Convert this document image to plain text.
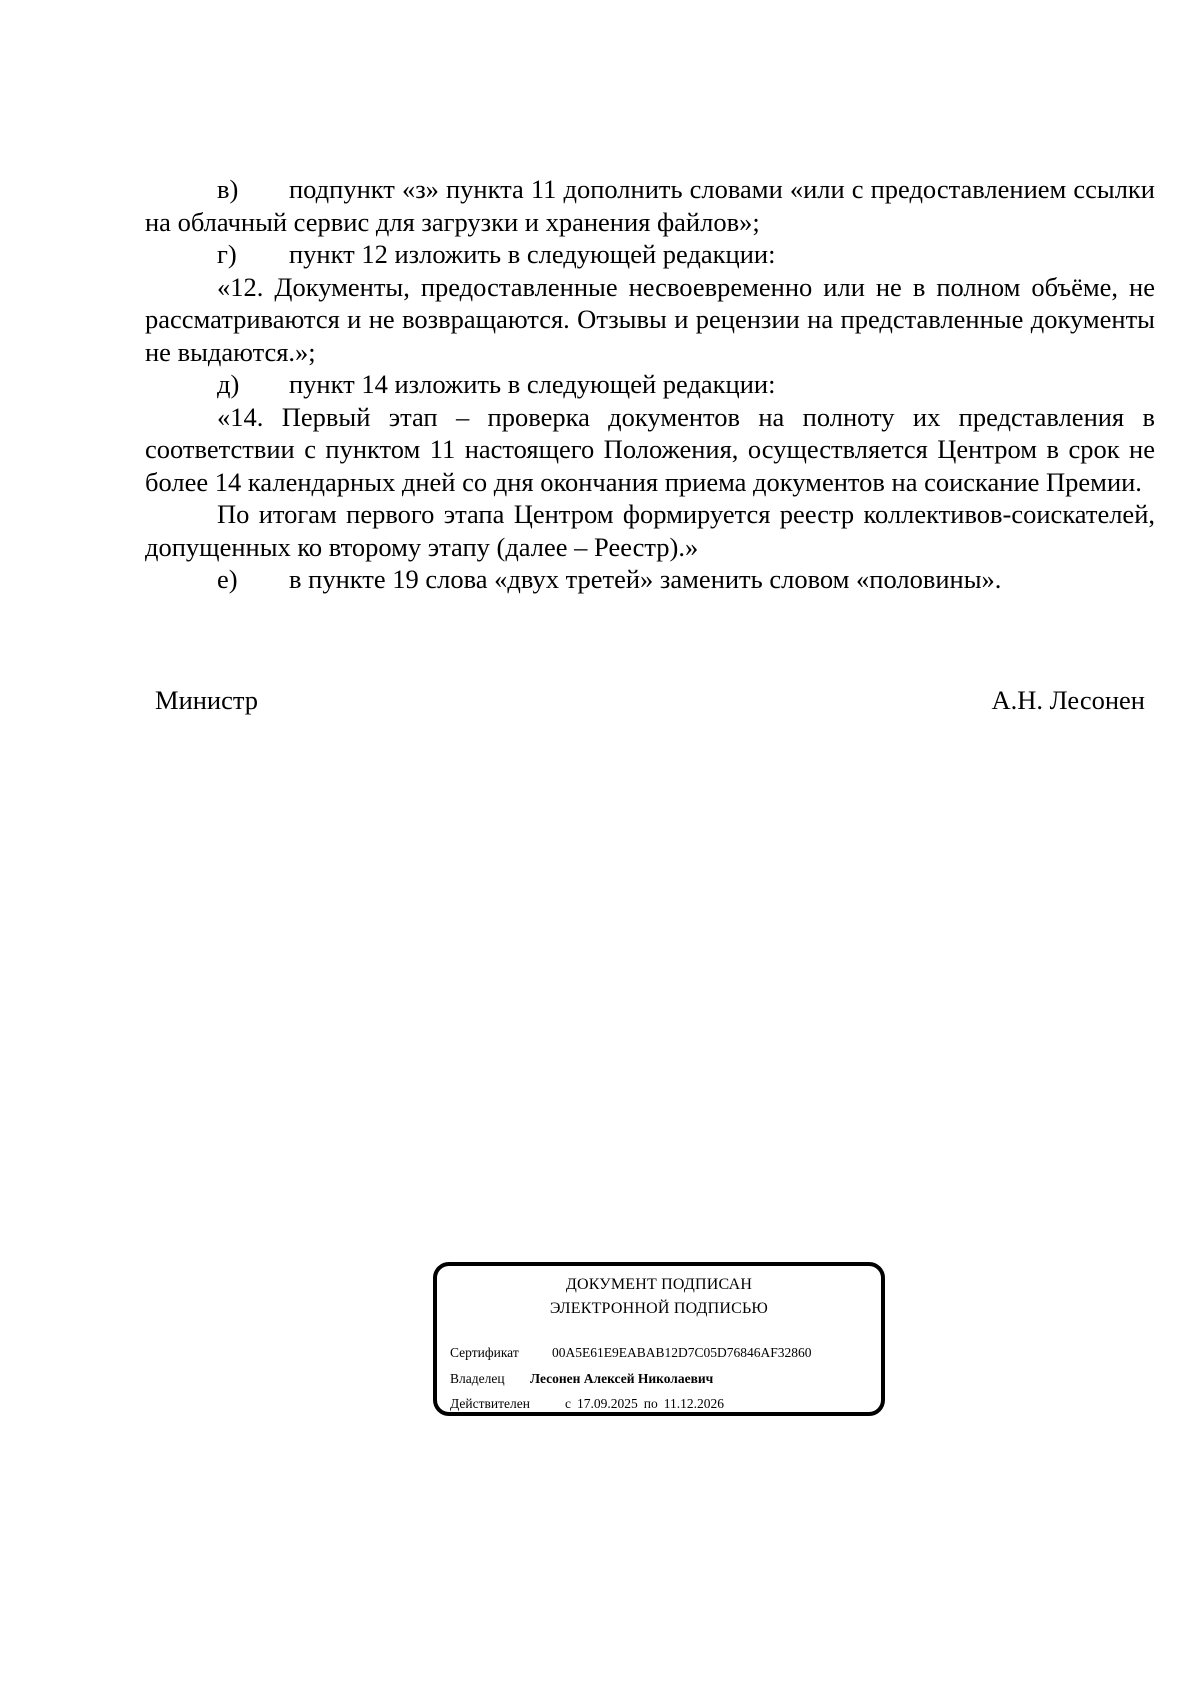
в) подпункт «з» пункта 11 дополнить словами «или с предоставлением ссылки на облачный сервис для загрузки и хранения файлов»;

г) пункт 12 изложить в следующей редакции:

«12. Документы, предоставленные несвоевременно или не в полном объёме, не рассматриваются и не возвращаются. Отзывы и рецензии на представленные документы не выдаются.»;

д) пункт 14 изложить в следующей редакции:

«14. Первый этап – проверка документов на полноту их представления в соответствии с пунктом 11 настоящего Положения, осуществляется Центром в срок не более 14 календарных дней со дня окончания приема документов на соискание Премии.

По итогам первого этапа Центром формируется реестр коллективов-соискателей, допущенных ко второму этапу (далее – Реестр).»

е) в пункте 19 слова «двух третей» заменить словом «половины».

Министр	А.Н. Лесонен
ДОКУМЕНТ ПОДПИСАН
ЭЛЕКТРОННОЙ ПОДПИСЬЮ
Сертификат 00A5E61E9EABAB12D7C05D76846AF32860
Владелец Лесонен Алексей Николаевич
Действителен	с 17.09.2025 по 11.12.2026
